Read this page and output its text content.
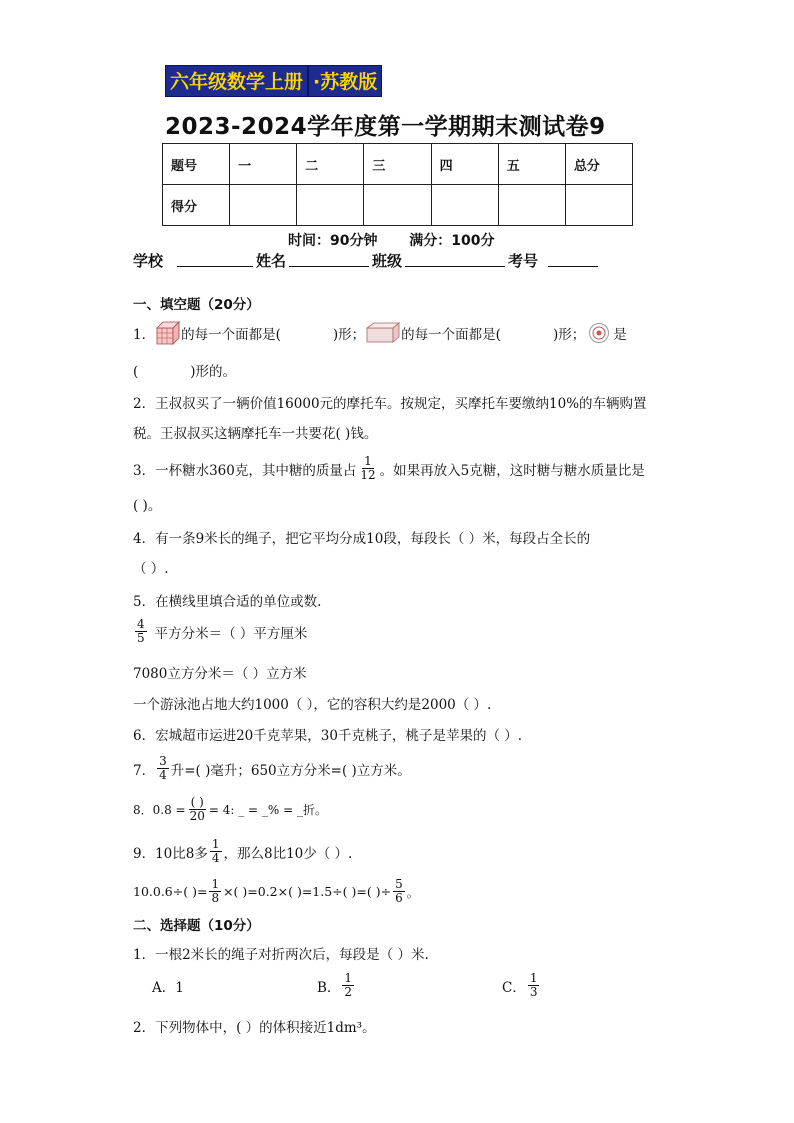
六年级数学上册 ·苏教版
2023-2024学年度第一学期期末测试卷9
题号	一	二	三	四	五	总分
得分						
时间：90分钟 满分：100分
学校	姓名	班级	考号
一、填空题（20分）
1． 的每一个面都是(	)形；	的每一个面都是(	)形； 是
(	)形的。
2．王叔叔买了一辆价值16000元的摩托车。按规定，买摩托车要缴纳10%的车辆购置
税。王叔叔买这辆摩托车一共要花( )钱。
3．一杯糖水360克，其中糖的质量占 $\frac{1}{12}$ 。如果再放入5克糖，这时糖与糖水质量比是
( )。
4．有一条9米长的绳子，把它平均分成10段，每段长（ ）米，每段占全长的
（ ）.
5．在横线里填合适的单位或数.
$\frac{4}{5}$ 平方分米＝（ ）平方厘米
7080立方分米＝（ ）立方米
一个游泳池占地大约1000（ ），它的容积大约是2000（ ）.
6．宏城超市运进20千克苹果，30千克桃子，桃子是苹果的（ ）.
7． $\frac{3}{4}$ 升=( )毫升；650立方分米=( )立方米。
8．$0.8 = \frac{( )}{20} = 4$: _ = _% = _折。
9．10比8多 $\frac{1}{4}$ ，那么8比10少（ ）.
10.0.6÷( )= $\frac{1}{8}$ ×( )=0.2×( )=1.5÷( )=( )÷ $\frac{5}{6}$ 。
二、选择题（10分）
1．一根2米长的绳子对折两次后，每段是（ ）米.
A．1	B． $\frac{1}{2}$	C． $\frac{1}{3}$
2．下列物体中，( ）的体积接近1dm³。
